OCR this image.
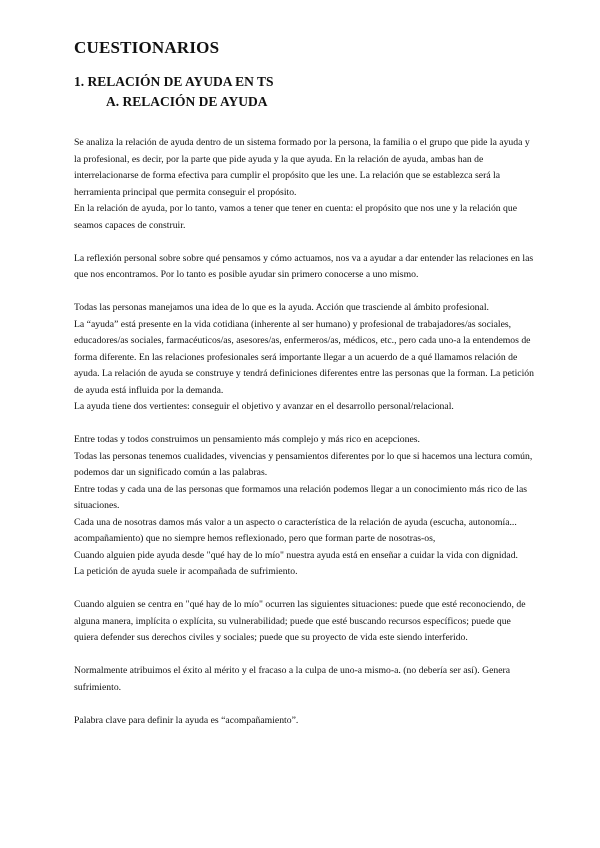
CUESTIONARIOS
1. RELACIÓN DE AYUDA EN TS
A. RELACIÓN DE AYUDA

Se analiza la relación de ayuda dentro de un sistema formado por la persona, la familia o el grupo que pide la ayuda y la profesional, es decir, por la parte que pide ayuda y la que ayuda. En la relación de ayuda, ambas han de interrelacionarse de forma efectiva para cumplir el propósito que les une. La relación que se establezca será la herramienta principal que permita conseguir el propósito.

En la relación de ayuda, por lo tanto, vamos a tener que tener en cuenta: el propósito que nos une y la relación que seamos capaces de construir.

La reflexión personal sobre sobre qué pensamos y cómo actuamos, nos va a ayudar a dar entender las relaciones en las que nos encontramos. Por lo tanto es posible ayudar sin primero conocerse a uno mismo.

Todas las personas manejamos una idea de lo que es la ayuda. Acción que trasciende al ámbito profesional.

La “ayuda” está presente en la vida cotidiana (inherente al ser humano) y profesional de trabajadores/as sociales, educadores/as sociales, farmacéuticos/as, asesores/as, enfermeros/as, médicos, etc., pero cada uno-a la entendemos de forma diferente. En las relaciones profesionales será importante llegar a un acuerdo de a qué llamamos relación de ayuda. La relación de ayuda se construye y tendrá definiciones diferentes entre las personas que la forman. La petición de ayuda está influida por la demanda.

La ayuda tiene dos vertientes: conseguir el objetivo y avanzar en el desarrollo personal/relacional.

Entre todas y todos construimos un pensamiento más complejo y más rico en acepciones.

Todas las personas tenemos cualidades, vivencias y pensamientos diferentes por lo que si hacemos una lectura común, podemos dar un significado común a las palabras.

Entre todas y cada una de las personas que formamos una relación podemos llegar a un conocimiento más rico de las situaciones.

Cada una de nosotras damos más valor a un aspecto o característica de la relación de ayuda (escucha, autonomía... acompañamiento) que no siempre hemos reflexionado, pero que forman parte de nosotras-os,

Cuando alguien pide ayuda desde "qué hay de lo mío" nuestra ayuda está en enseñar a cuidar la vida con dignidad.

La petición de ayuda suele ir acompañada de sufrimiento.

Cuando alguien se centra en "qué hay de lo mío" ocurren las siguientes situaciones: puede que esté reconociendo, de alguna manera, implícita o explícita, su vulnerabilidad; puede que esté buscando recursos específicos; puede que quiera defender sus derechos civiles y sociales; puede que su proyecto de vida este siendo interferido.

Normalmente atribuimos el éxito al mérito y el fracaso a la culpa de uno-a mismo-a. (no debería ser así). Genera sufrimiento.

Palabra clave para definir la ayuda es “acompañamiento”.
